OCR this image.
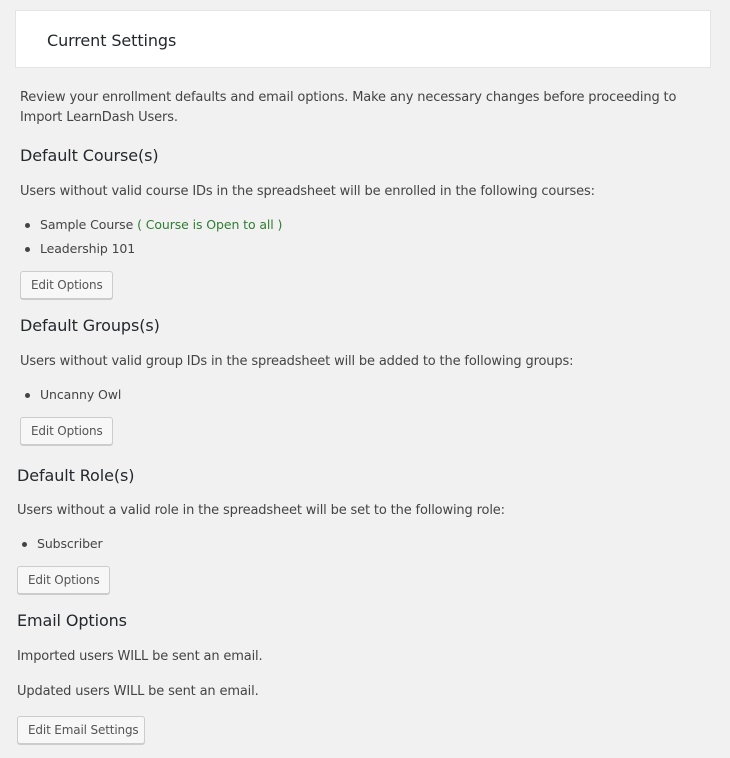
Current Settings

Review your enrollment defaults and email options. Make any necessary changes before proceeding to Import LearnDash Users.

Default Course(s)

Users without valid course IDs in the spreadsheet will be enrolled in the following courses:

Sample Course ( Course is Open to all )
Leadership 101
Edit Options
Default Groups(s)

Users without valid group IDs in the spreadsheet will be added to the following groups:

Uncanny Owl
Edit Options
Default Role(s)

Users without a valid role in the spreadsheet will be set to the following role:

Subscriber
Edit Options
Email Options

Imported users WILL be sent an email.

Updated users WILL be sent an email.

Edit Email Settings
